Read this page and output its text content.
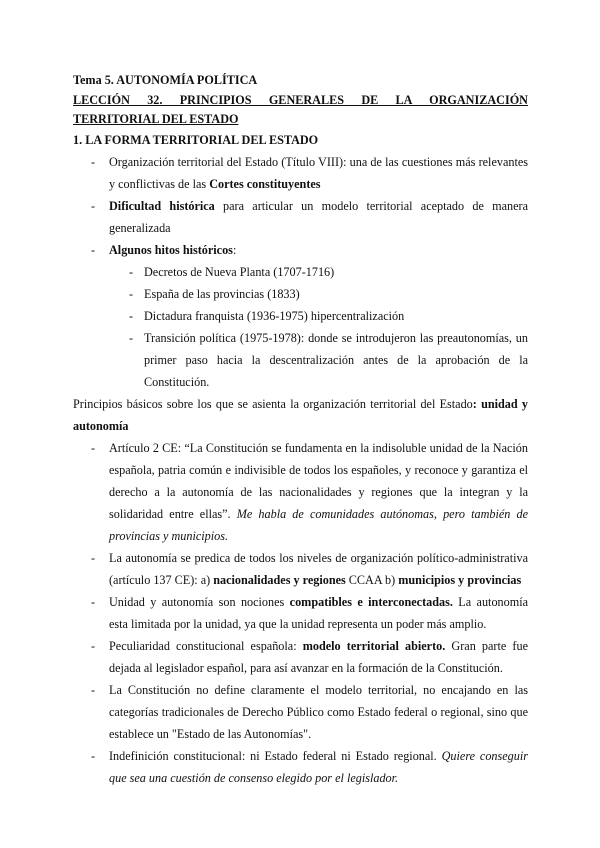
Tema 5. AUTONOMÍA POLÍTICA
LECCIÓN 32. PRINCIPIOS GENERALES DE LA ORGANIZACIÓN TERRITORIAL DEL ESTADO
1. LA FORMA TERRITORIAL DEL ESTADO
- Organización territorial del Estado (Título VIII): una de las cuestiones más relevantes y conflictivas de las Cortes constituyentes
- Dificultad histórica para articular un modelo territorial aceptado de manera generalizada
- Algunos hitos históricos:
- Decretos de Nueva Planta (1707-1716)
- España de las provincias (1833)
- Dictadura franquista (1936-1975) hipercentralización
- Transición política (1975-1978): donde se introdujeron las preautonomías, un primer paso hacia la descentralización antes de la aprobación de la Constitución.
Principios básicos sobre los que se asienta la organización territorial del Estado: unidad y autonomía
- Artículo 2 CE: “La Constitución se fundamenta en la indisoluble unidad de la Nación española, patria común e indivisible de todos los españoles, y reconoce y garantiza el derecho a la autonomía de las nacionalidades y regiones que la integran y la solidaridad entre ellas”. Me habla de comunidades autónomas, pero también de provincias y municipios.
- La autonomía se predica de todos los niveles de organización político-administrativa (artículo 137 CE): a) nacionalidades y regiones CCAA b) municipios y provincias
- Unidad y autonomía son nociones compatibles e interconectadas. La autonomía esta limitada por la unidad, ya que la unidad representa un poder más amplio.
- Peculiaridad constitucional española: modelo territorial abierto. Gran parte fue dejada al legislador español, para así avanzar en la formación de la Constitución.
- La Constitución no define claramente el modelo territorial, no encajando en las categorías tradicionales de Derecho Público como Estado federal o regional, sino que establece un "Estado de las Autonomías".
- Indefinición constitucional: ni Estado federal ni Estado regional. Quiere conseguir que sea una cuestión de consenso elegido por el legislador.
